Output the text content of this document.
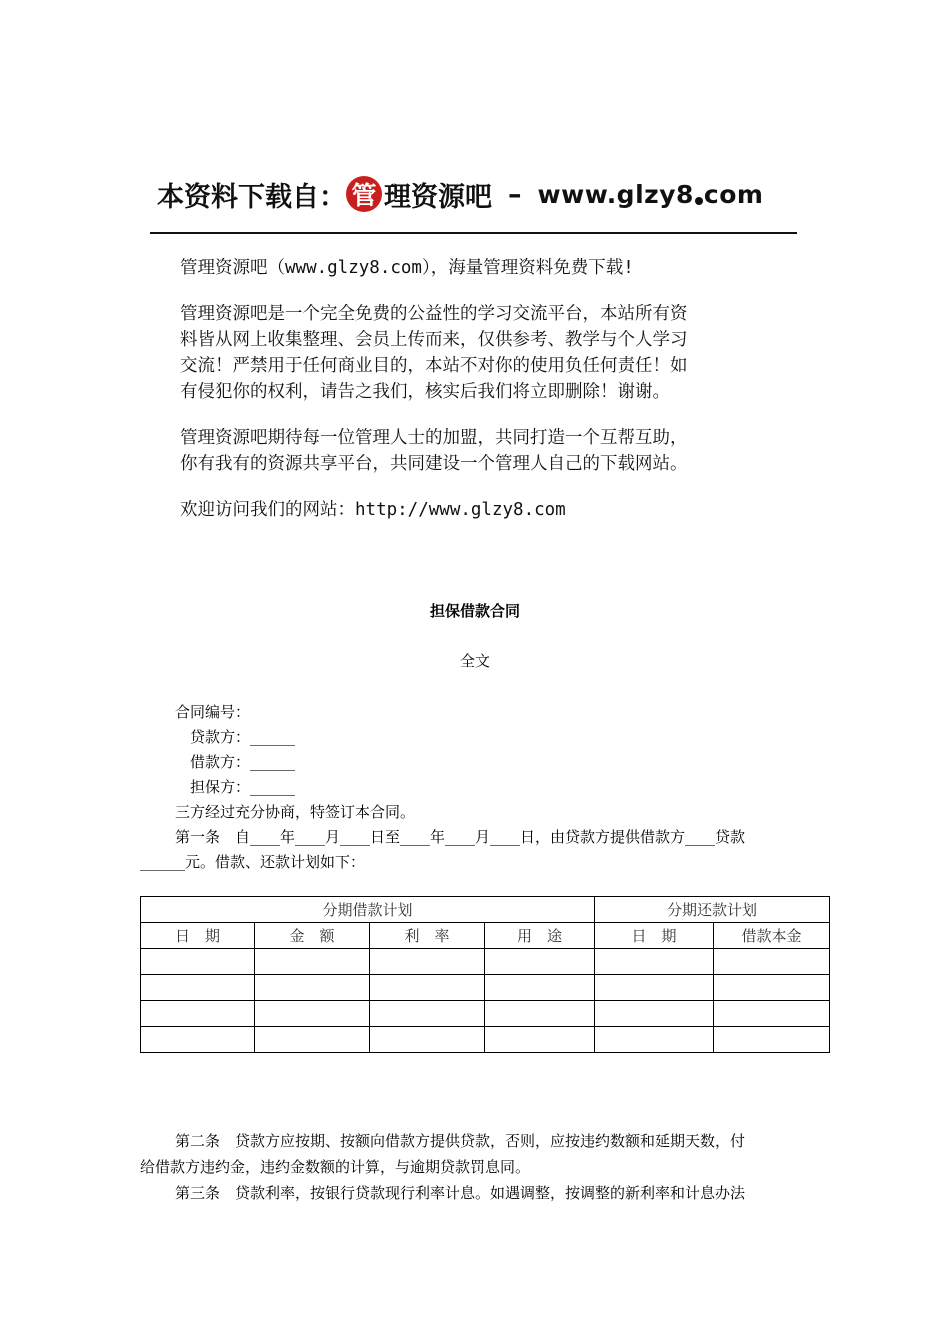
本资料下载自： 管 理资源吧 – www.glzy8 com

管理资源吧（www.glzy8.com），海量管理资料免费下载!

管理资源吧是一个完全免费的公益性的学习交流平台，本站所有资
料皆从网上收集整理、会员上传而来，仅供参考、教学与个人学习
交流！严禁用于任何商业目的，本站不对你的使用负任何责任！如
有侵犯你的权利，请告之我们，核实后我们将立即删除！谢谢。

管理资源吧期待每一位管理人士的加盟，共同打造一个互帮互助，
你有我有的资源共享平台，共同建设一个管理人自己的下载网站。

欢迎访问我们的网站：http://www.glzy8.com

担保借款合同
全文
合同编号：
贷款方：______
借款方：______
担保方：______
三方经过充分协商，特签订本合同。
第一条　自____年____月____日至____年____月____日，由贷款方提供借款方____贷款
______元。借款、还款计划如下：
分期借款计划				分期还款计划	
日　期	金　额	利　率	用　途	日　期	借款本金

第二条　贷款方应按期、按额向借款方提供贷款，否则，应按违约数额和延期天数，付
给借款方违约金，违约金数额的计算，与逾期贷款罚息同。
第三条　贷款利率，按银行贷款现行利率计息。如遇调整，按调整的新利率和计息办法
